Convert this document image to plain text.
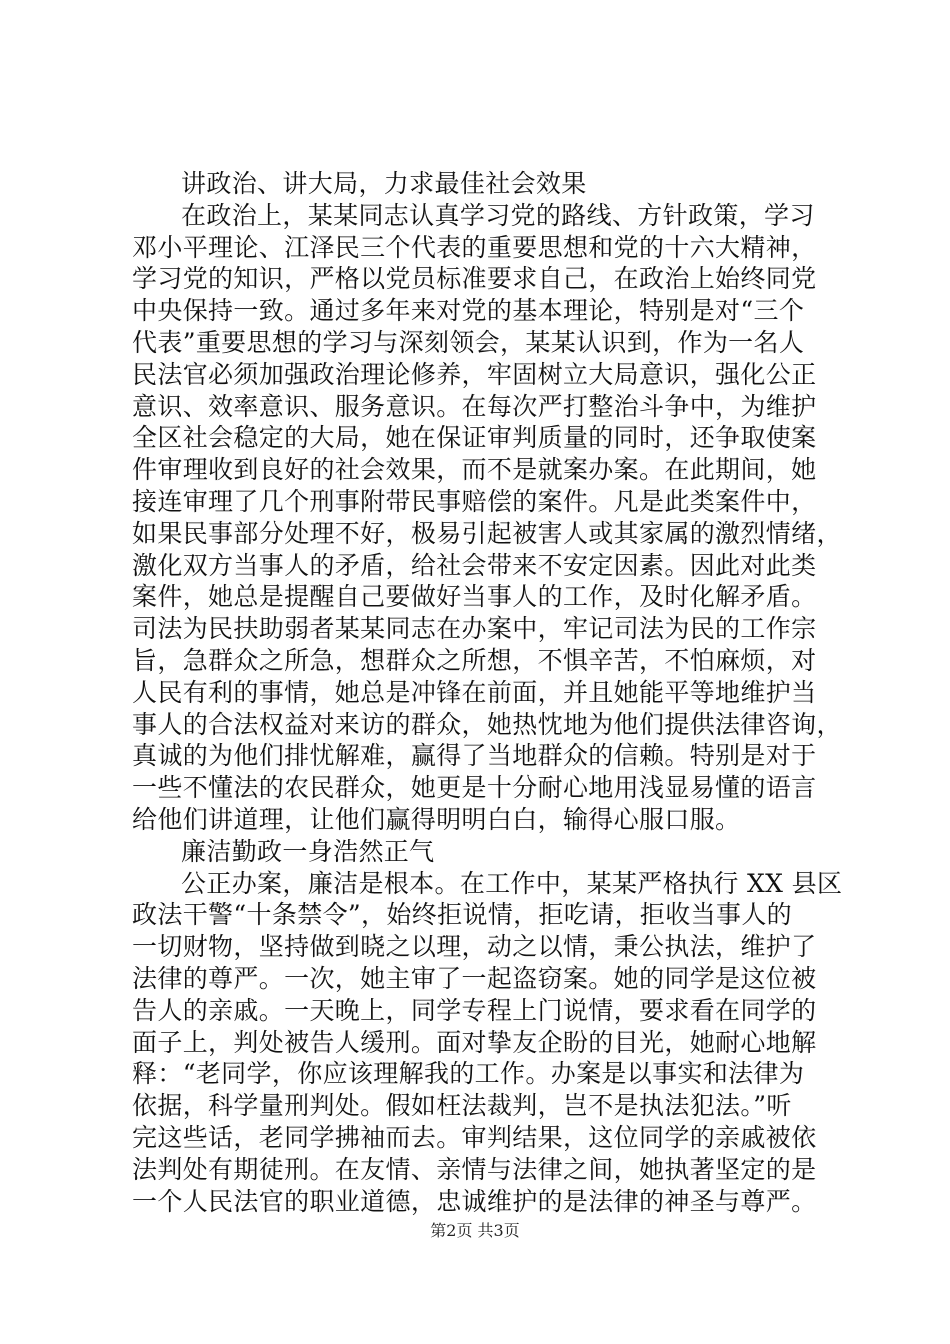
讲政治、讲大局，力求最佳社会效果
在政治上，某某同志认真学习党的路线、方针政策，学习
邓小平理论、江泽民三个代表的重要思想和党的十六大精神，
学习党的知识，严格以党员标准要求自己，在政治上始终同党
中央保持一致。通过多年来对党的基本理论，特别是对“三个
代表”重要思想的学习与深刻领会，某某认识到，作为一名人
民法官必须加强政治理论修养，牢固树立大局意识，强化公正
意识、效率意识、服务意识。在每次严打整治斗争中，为维护
全区社会稳定的大局，她在保证审判质量的同时，还争取使案
件审理收到良好的社会效果，而不是就案办案。在此期间，她
接连审理了几个刑事附带民事赔偿的案件。凡是此类案件中，
如果民事部分处理不好，极易引起被害人或其家属的激烈情绪，
激化双方当事人的矛盾，给社会带来不安定因素。因此对此类
案件，她总是提醒自己要做好当事人的工作，及时化解矛盾。
司法为民扶助弱者某某同志在办案中，牢记司法为民的工作宗
旨，急群众之所急，想群众之所想，不惧辛苦，不怕麻烦，对
人民有利的事情，她总是冲锋在前面，并且她能平等地维护当
事人的合法权益对来访的群众，她热忱地为他们提供法律咨询，
真诚的为他们排忧解难，赢得了当地群众的信赖。特别是对于
一些不懂法的农民群众，她更是十分耐心地用浅显易懂的语言
给他们讲道理，让他们赢得明明白白，输得心服口服。
廉洁勤政一身浩然正气
公正办案，廉洁是根本。在工作中，某某严格执行 XX 县区
政法干警“十条禁令”，始终拒说情，拒吃请，拒收当事人的
一切财物，坚持做到晓之以理，动之以情，秉公执法，维护了
法律的尊严。一次，她主审了一起盗窃案。她的同学是这位被
告人的亲戚。一天晚上，同学专程上门说情，要求看在同学的
面子上，判处被告人缓刑。面对挚友企盼的目光，她耐心地解
释：“老同学，你应该理解我的工作。办案是以事实和法律为
依据，科学量刑判处。假如枉法裁判，岂不是执法犯法。”听
完这些话，老同学拂袖而去。审判结果，这位同学的亲戚被依
法判处有期徒刑。在友情、亲情与法律之间，她执著坚定的是
一个人民法官的职业道德，忠诚维护的是法律的神圣与尊严。
第2页 共3页
